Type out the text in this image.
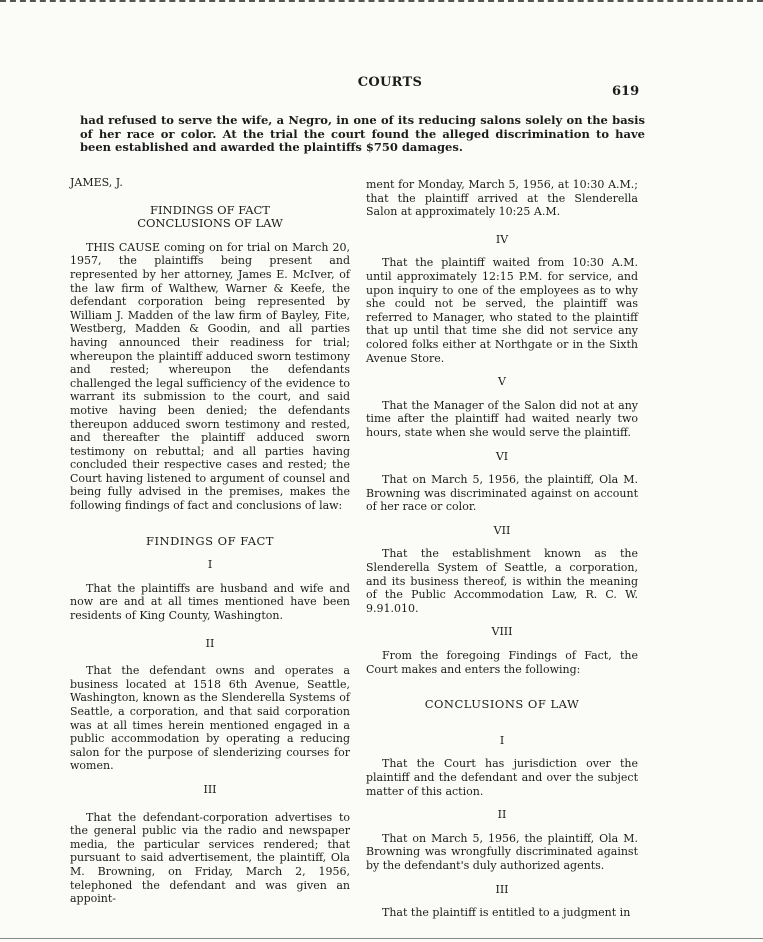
COURTS
619

had refused to serve the wife, a Negro, in one of its reducing salons solely on the basis of her race or color. At the trial the court found the alleged discrimination to have been established and awarded the plaintiffs $750 damages.

JAMES, J.

FINDINGS OF FACT
CONCLUSIONS OF LAW

THIS CAUSE coming on for trial on March 20, 1957, the plaintiffs being present and represented by her attorney, James E. McIver, of the law firm of Walthew, Warner & Keefe, the defendant corporation being represented by William J. Madden of the law firm of Bayley, Fite, Westberg, Madden & Goodin, and all parties having announced their readiness for trial; whereupon the plaintiff adduced sworn testimony and rested; whereupon the defendants challenged the legal sufficiency of the evidence to warrant its submission to the court, and said motive having been denied; the defendants thereupon adduced sworn testimony and rested, and thereafter the plaintiff adduced sworn testimony on rebuttal; and all parties having concluded their respective cases and rested; the Court having listened to argument of counsel and being fully advised in the premises, makes the following findings of fact and conclusions of law:

FINDINGS OF FACT
I

That the plaintiffs are husband and wife and now are and at all times mentioned have been residents of King County, Washington.

II

That the defendant owns and operates a business located at 1518 6th Avenue, Seattle, Washington, known as the Slenderella Systems of Seattle, a corporation, and that said corporation was at all times herein mentioned engaged in a public accommodation by operating a reducing salon for the purpose of slenderizing courses for women.

III

That the defendant-corporation advertises to the general public via the radio and newspaper media, the particular services rendered; that pursuant to said advertisement, the plaintiff, Ola M. Browning, on Friday, March 2, 1956, telephoned the defendant and was given an appoint-

ment for Monday, March 5, 1956, at 10:30 A.M.; that the plaintiff arrived at the Slenderella Salon at approximately 10:25 A.M.

IV

That the plaintiff waited from 10:30 A.M. until approximately 12:15 P.M. for service, and upon inquiry to one of the employees as to why she could not be served, the plaintiff was referred to Manager, who stated to the plaintiff that up until that time she did not service any colored folks either at Northgate or in the Sixth Avenue Store.

V

That the Manager of the Salon did not at any time after the plaintiff had waited nearly two hours, state when she would serve the plaintiff.

VI

That on March 5, 1956, the plaintiff, Ola M. Browning was discriminated against on account of her race or color.

VII

That the establishment known as the Slenderella System of Seattle, a corporation, and its business thereof, is within the meaning of the Public Accommodation Law, R. C. W. 9.91.010.

VIII

From the foregoing Findings of Fact, the Court makes and enters the following:

CONCLUSIONS OF LAW
I

That the Court has jurisdiction over the plaintiff and the defendant and over the subject matter of this action.

II

That on March 5, 1956, the plaintiff, Ola M. Browning was wrongfully discriminated against by the defendant's duly authorized agents.

III

That the plaintiff is entitled to a judgment in
